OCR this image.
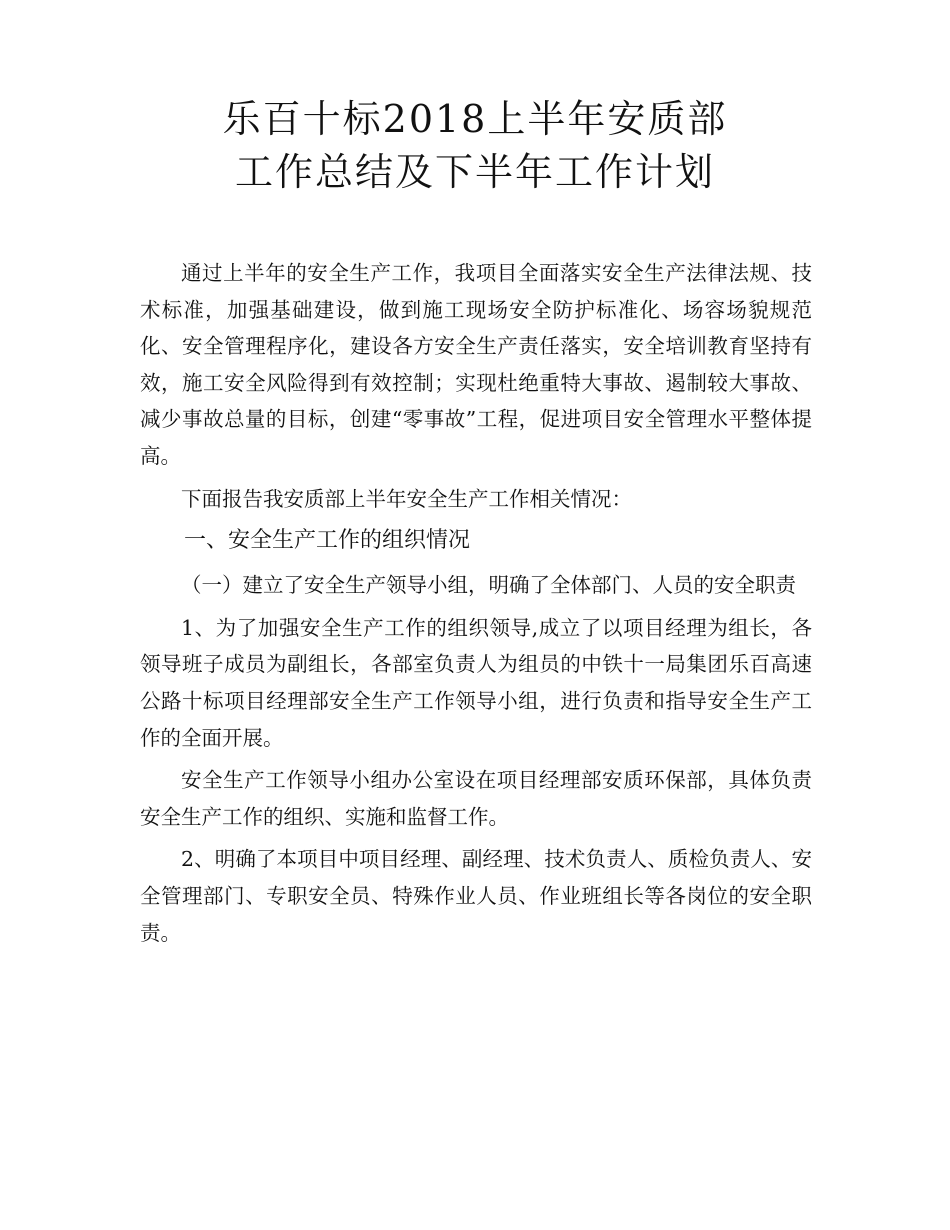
乐百十标2018上半年安质部
工作总结及下半年工作计划

通过上半年的安全生产工作，我项目全面落实安全生产法律法规、技术标准，加强基础建设，做到施工现场安全防护标准化、场容场貌规范化、安全管理程序化，建设各方安全生产责任落实，安全培训教育坚持有效，施工安全风险得到有效控制；实现杜绝重特大事故、遏制较大事故、减少事故总量的目标，创建“零事故”工程，促进项目安全管理水平整体提高。

下面报告我安质部上半年安全生产工作相关情况：

一、安全生产工作的组织情况

（一）建立了安全生产领导小组，明确了全体部门、人员的安全职责

1、为了加强安全生产工作的组织领导,成立了以项目经理为组长，各领导班子成员为副组长，各部室负责人为组员的中铁十一局集团乐百高速公路十标项目经理部安全生产工作领导小组，进行负责和指导安全生产工作的全面开展。

安全生产工作领导小组办公室设在项目经理部安质环保部，具体负责安全生产工作的组织、实施和监督工作。

2、明确了本项目中项目经理、副经理、技术负责人、质检负责人、安全管理部门、专职安全员、特殊作业人员、作业班组长等各岗位的安全职责。
